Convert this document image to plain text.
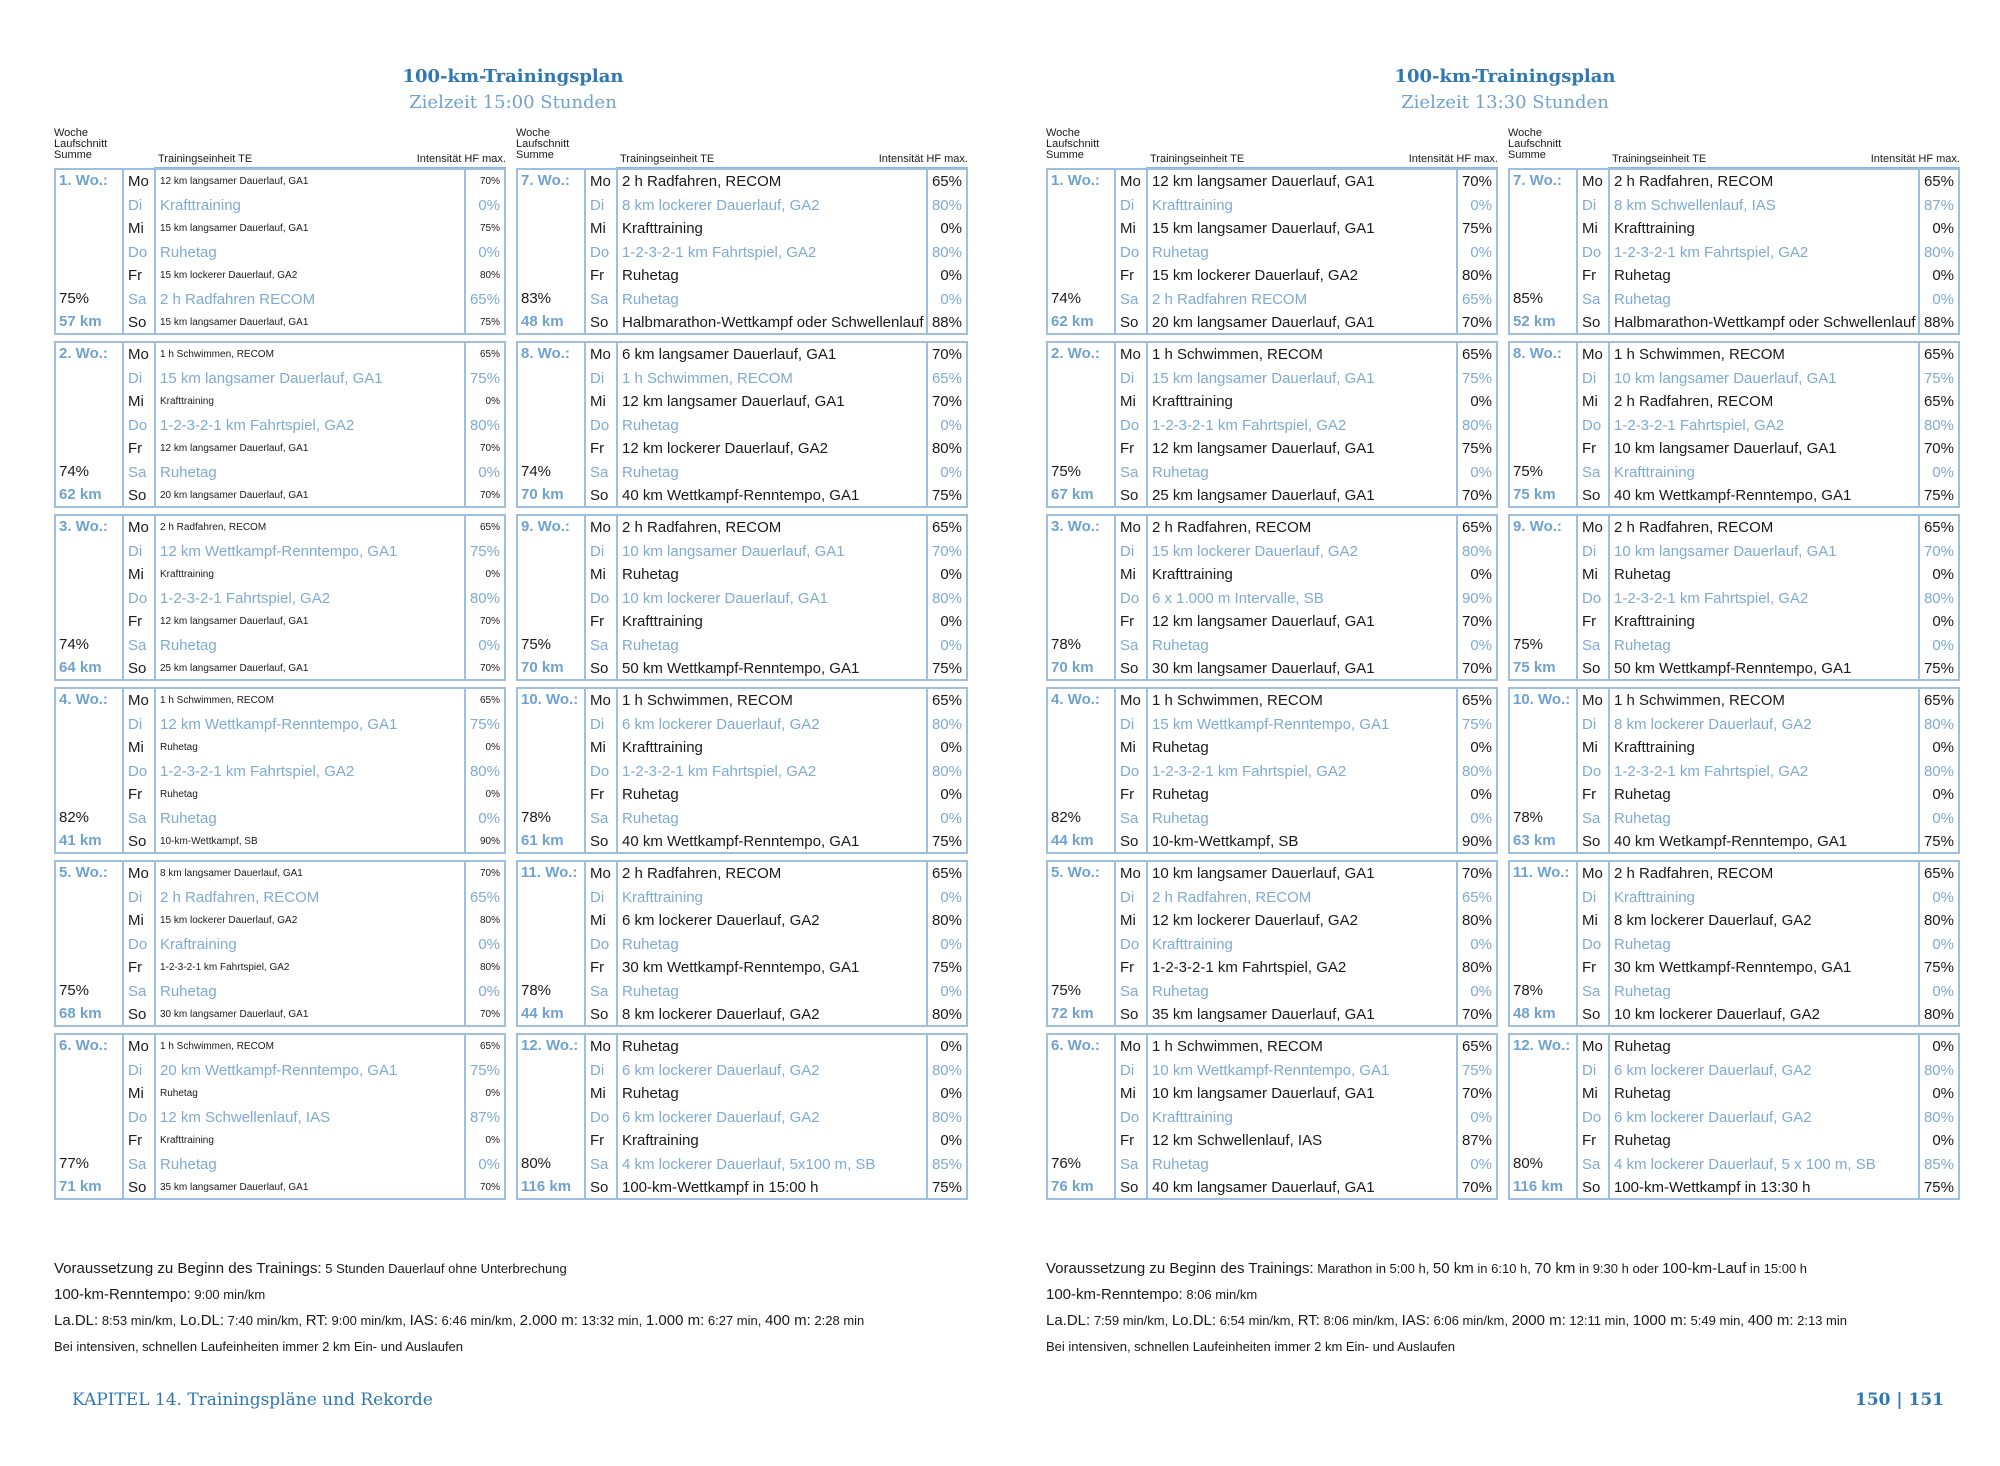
100-km-Trainingsplan
Zielzeit 15:00 Stunden
Woche
Laufschnitt
Summe	Trainingseinheit TE	Intensität HF max.
1. Wo.:
75%
57 km
Mo	12 km langsamer Dauerlauf, GA1	70%
Di	Krafttraining	0%
Mi	15 km langsamer Dauerlauf, GA1	75%
Do Ruhetag	0%
Fr	15 km lockerer Dauerlauf, GA2	80%
Sa 2 h Radfahren RECOM	65%
So	15 km langsamer Dauerlauf, GA1	75%
2. Wo.:
74%
62 km
Mo	1 h Schwimmen, RECOM	65%
Di	15 km langsamer Dauerlauf, GA1	75%
Mi	Krafttraining	0%
Do 1-2-3-2-1 km Fahrtspiel, GA2	80%
Fr	12 km langsamer Dauerlauf, GA1	70%
Sa Ruhetag	0%
So	20 km langsamer Dauerlauf, GA1	70%
3. Wo.:
74%
64 km
Mo	2 h Radfahren, RECOM	65%
Di	12 km Wettkampf-Renntempo, GA1	75%
Mi	Krafttraining	0%
Do 1-2-3-2-1 Fahrtspiel, GA2	80%
Fr	12 km langsamer Dauerlauf, GA1	70%
Sa Ruhetag	0%
So	25 km langsamer Dauerlauf, GA1	70%
4. Wo.:
82%
41 km
Mo	1 h Schwimmen, RECOM	65%
Di	12 km Wettkampf-Renntempo, GA1	75%
Mi	Ruhetag	0%
Do 1-2-3-2-1 km Fahrtspiel, GA2	80%
Fr	Ruhetag	0%
Sa Ruhetag	0%
So	10-km-Wettkampf, SB	90%
5. Wo.:
75%
68 km
Mo	8 km langsamer Dauerlauf, GA1	70%
Di	2 h Radfahren, RECOM	65%
Mi	15 km lockerer Dauerlauf, GA2	80%
Do Kraftraining	0%
Fr	1-2-3-2-1 km Fahrtspiel, GA2	80%
Sa Ruhetag	0%
So	30 km langsamer Dauerlauf, GA1	70%
6. Wo.:
77%
71 km
Mo	1 h Schwimmen, RECOM	65%
Di	20 km Wettkampf-Renntempo, GA1	75%
Mi	Ruhetag	0%
Do 12 km Schwellenlauf, IAS	87%
Fr	Krafttraining	0%
Sa Ruhetag	0%
So	35 km langsamer Dauerlauf, GA1	70%
Woche
Laufschnitt
Summe	Trainingseinheit TE	Intensität HF max.
7. Wo.:
83%
48 km
Mo 2 h Radfahren, RECOM	65%
Di	8 km lockerer Dauerlauf, GA2	80%
Mi	Krafttraining	0%
Do 1-2-3-2-1 km Fahrtspiel, GA2	80%
Fr	Ruhetag	0%
Sa Ruhetag	0%
So Halbmarathon-Wettkampf oder Schwellenlauf 88%
8. Wo.:
74%
70 km
Mo 6 km langsamer Dauerlauf, GA1	70%
Di	1 h Schwimmen, RECOM	65%
Mi	12 km langsamer Dauerlauf, GA1	70%
Do Ruhetag	0%
Fr	12 km lockerer Dauerlauf, GA2	80%
Sa Ruhetag	0%
So 40 km Wettkampf-Renntempo, GA1	75%
9. Wo.:
75%
70 km
Mo 2 h Radfahren, RECOM	65%
Di	10 km langsamer Dauerlauf, GA1	70%
Mi	Ruhetag	0%
Do 10 km lockerer Dauerlauf, GA1	80%
Fr	Krafttraining	0%
Sa Ruhetag	0%
So 50 km Wettkampf-Renntempo, GA1	75%
10. Wo.:
78%
61 km
Mo 1 h Schwimmen, RECOM	65%
Di	6 km lockerer Dauerlauf, GA2	80%
Mi	Krafttraining	0%
Do 1-2-3-2-1 km Fahrtspiel, GA2	80%
Fr	Ruhetag	0%
Sa Ruhetag	0%
So 40 km Wettkampf-Renntempo, GA1	75%
11. Wo.:
78%
44 km
Mo 2 h Radfahren, RECOM	65%
Di	Krafttraining	0%
Mi	6 km lockerer Dauerlauf, GA2	80%
Do Ruhetag	0%
Fr	30 km Wettkampf-Renntempo, GA1	75%
Sa Ruhetag	0%
So 8 km lockerer Dauerlauf, GA2	80%
12. Wo.:
80%
116 km
Mo Ruhetag	0%
Di	6 km lockerer Dauerlauf, GA2	80%
Mi	Ruhetag	0%
Do 6 km lockerer Dauerlauf, GA2	80%
Fr	Kraftraining	0%
Sa 4 km lockerer Dauerlauf, 5x100 m, SB	85%
So 100-km-Wettkampf in 15:00 h	75%
100-km-Trainingsplan
Zielzeit 13:30 Stunden
Woche
Laufschnitt
Summe	Trainingseinheit TE	Intensität HF max.
1. Wo.:
74%
62 km
Mo 12 km langsamer Dauerlauf, GA1	70%
Di	Krafttraining	0%
Mi	15 km langsamer Dauerlauf, GA1	75%
Do Ruhetag	0%
Fr	15 km lockerer Dauerlauf, GA2	80%
Sa 2 h Radfahren RECOM	65%
So 20 km langsamer Dauerlauf, GA1	70%
2. Wo.:
75%
67 km
Mo 1 h Schwimmen, RECOM	65%
Di	15 km langsamer Dauerlauf, GA1	75%
Mi	Krafttraining	0%
Do 1-2-3-2-1 km Fahrtspiel, GA2	80%
Fr	12 km langsamer Dauerlauf, GA1	75%
Sa Ruhetag	0%
So 25 km langsamer Dauerlauf, GA1	70%
3. Wo.:
78%
70 km
Mo 2 h Radfahren, RECOM	65%
Di	15 km lockerer Dauerlauf, GA2	80%
Mi	Krafttraining	0%
Do 6 x 1.000 m Intervalle, SB	90%
Fr	12 km langsamer Dauerlauf, GA1	70%
Sa Ruhetag	0%
So 30 km langsamer Dauerlauf, GA1	70%
4. Wo.:
82%
44 km
Mo 1 h Schwimmen, RECOM	65%
Di	15 km Wettkampf-Renntempo, GA1	75%
Mi	Ruhetag	0%
Do 1-2-3-2-1 km Fahrtspiel, GA2	80%
Fr	Ruhetag	0%
Sa Ruhetag	0%
So 10-km-Wettkampf, SB	90%
5. Wo.:
75%
72 km
Mo 10 km langsamer Dauerlauf, GA1	70%
Di	2 h Radfahren, RECOM	65%
Mi	12 km lockerer Dauerlauf, GA2	80%
Do Krafttraining	0%
Fr	1-2-3-2-1 km Fahrtspiel, GA2	80%
Sa Ruhetag	0%
So 35 km langsamer Dauerlauf, GA1	70%
6. Wo.:
76%
76 km
Mo 1 h Schwimmen, RECOM	65%
Di	10 km Wettkampf-Renntempo, GA1	75%
Mi	10 km langsamer Dauerlauf, GA1	70%
Do Krafttraining	0%
Fr	12 km Schwellenlauf, IAS	87%
Sa Ruhetag	0%
So 40 km langsamer Dauerlauf, GA1	70%
Woche
Laufschnitt
Summe	Trainingseinheit TE	Intensität HF max.
7. Wo.:
85%
52 km
Mo 2 h Radfahren, RECOM	65%
Di	8 km Schwellenlauf, IAS	87%
Mi	Krafttraining	0%
Do 1-2-3-2-1 km Fahrtspiel, GA2	80%
Fr	Ruhetag	0%
Sa Ruhetag	0%
So Halbmarathon-Wettkampf oder Schwellenlauf 88%
8. Wo.:
75%
75 km
Mo 1 h Schwimmen, RECOM	65%
Di	10 km langsamer Dauerlauf, GA1	75%
Mi	2 h Radfahren, RECOM	65%
Do 1-2-3-2-1 Fahrtspiel, GA2	80%
Fr	10 km langsamer Dauerlauf, GA1	70%
Sa Krafttraining	0%
So 40 km Wettkampf-Renntempo, GA1	75%
9. Wo.:
75%
75 km
Mo 2 h Radfahren, RECOM	65%
Di	10 km langsamer Dauerlauf, GA1	70%
Mi	Ruhetag	0%
Do 1-2-3-2-1 km Fahrtspiel, GA2	80%
Fr	Krafttraining	0%
Sa Ruhetag	0%
So 50 km Wettkampf-Renntempo, GA1	75%
10. Wo.:
78%
63 km
Mo 1 h Schwimmen, RECOM	65%
Di	8 km lockerer Dauerlauf, GA2	80%
Mi	Krafttraining	0%
Do 1-2-3-2-1 km Fahrtspiel, GA2	80%
Fr	Ruhetag	0%
Sa Ruhetag	0%
So 40 km Wetkampf-Renntempo, GA1	75%
11. Wo.:
78%
48 km
Mo 2 h Radfahren, RECOM	65%
Di	Krafttraining	0%
Mi	8 km lockerer Dauerlauf, GA2	80%
Do Ruhetag	0%
Fr	30 km Wettkampf-Renntempo, GA1	75%
Sa Ruhetag	0%
So 10 km lockerer Dauerlauf, GA2	80%
12. Wo.:
80%
116 km
Mo Ruhetag	0%
Di	6 km lockerer Dauerlauf, GA2	80%
Mi	Ruhetag	0%
Do 6 km lockerer Dauerlauf, GA2	80%
Fr	Ruhetag	0%
Sa 4 km lockerer Dauerlauf, 5 x 100 m, SB	85%
So 100-km-Wettkampf in 13:30 h	75%
Voraussetzung zu Beginn des Trainings: 5 Stunden Dauerlauf ohne Unterbrechung
100-km-Renntempo: 9:00 min/km
La.DL: 8:53 min/km, Lo.DL: 7:40 min/km, RT: 9:00 min/km, IAS: 6:46 min/km, 2.000 m: 13:32 min, 1.000 m: 6:27 min, 400 m: 2:28 min
Bei intensiven, schnellen Laufeinheiten immer 2 km Ein- und Auslaufen
Voraussetzung zu Beginn des Trainings: Marathon in 5:00 h, 50 km in 6:10 h, 70 km in 9:30 h oder 100-km-Lauf in 15:00 h
100-km-Renntempo: 8:06 min/km
La.DL: 7:59 min/km, Lo.DL: 6:54 min/km, RT: 8:06 min/km, IAS: 6:06 min/km, 2000 m: 12:11 min, 1000 m: 5:49 min, 400 m: 2:13 min
Bei intensiven, schnellen Laufeinheiten immer 2 km Ein- und Auslaufen
KAPITEL 14. Trainingspläne und Rekorde	150 | 151
